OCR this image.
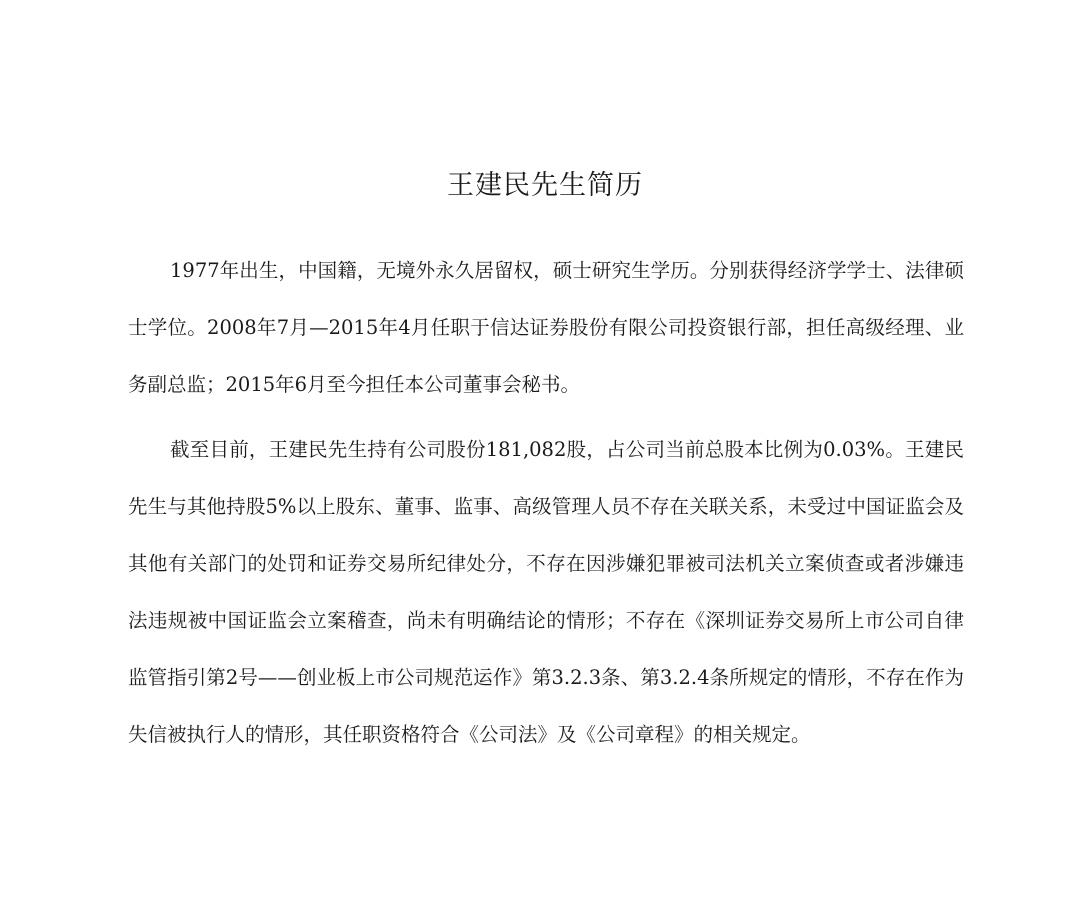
王建民先生简历

1977年出生，中国籍，无境外永久居留权，硕士研究生学历。分别获得经济学学士、法律硕士学位。2008年7月—2015年4月任职于信达证券股份有限公司投资银行部，担任高级经理、业务副总监；2015年6月至今担任本公司董事会秘书。

截至目前，王建民先生持有公司股份181,082股，占公司当前总股本比例为0.03%。王建民先生与其他持股5%以上股东、董事、监事、高级管理人员不存在关联关系，未受过中国证监会及其他有关部门的处罚和证券交易所纪律处分，不存在因涉嫌犯罪被司法机关立案侦查或者涉嫌违法违规被中国证监会立案稽查，尚未有明确结论的情形；不存在《深圳证券交易所上市公司自律监管指引第2号——创业板上市公司规范运作》第3.2.3条、第3.2.4条所规定的情形，不存在作为失信被执行人的情形，其任职资格符合《公司法》及《公司章程》的相关规定。
